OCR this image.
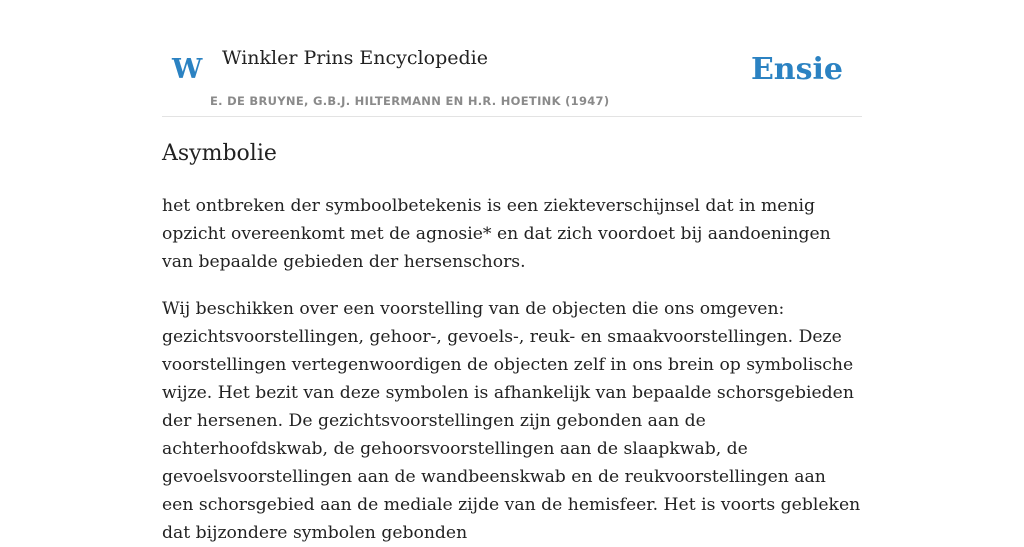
W Winkler Prins Encyclopedie
E. DE BRUYNE, G.B.J. HILTERMANN EN H.R. HOETINK (1947)
Ensie
Asymbolie

het ontbreken der symboolbetekenis is een ziekteverschijnsel dat in menig opzicht overeenkomt met de agnosie* en dat zich voordoet bij aandoeningen van bepaalde gebieden der hersenschors.

Wij beschikken over een voorstelling van de objecten die ons omgeven: gezichtsvoorstellingen, gehoor-, gevoels-, reuk- en smaakvoorstellingen. Deze voorstellingen vertegenwoordigen de objecten zelf in ons brein op symbolische wijze. Het bezit van deze symbolen is afhankelijk van bepaalde schorsgebieden der hersenen. De gezichtsvoorstellingen zijn gebonden aan de achterhoofdskwab, de gehoorsvoorstellingen aan de slaapkwab, de gevoelsvoorstellingen aan de wandbeenskwab en de reukvoorstellingen aan een schorsgebied aan de mediale zijde van de hemisfeer. Het is voorts gebleken dat bijzondere symbolen gebonden
